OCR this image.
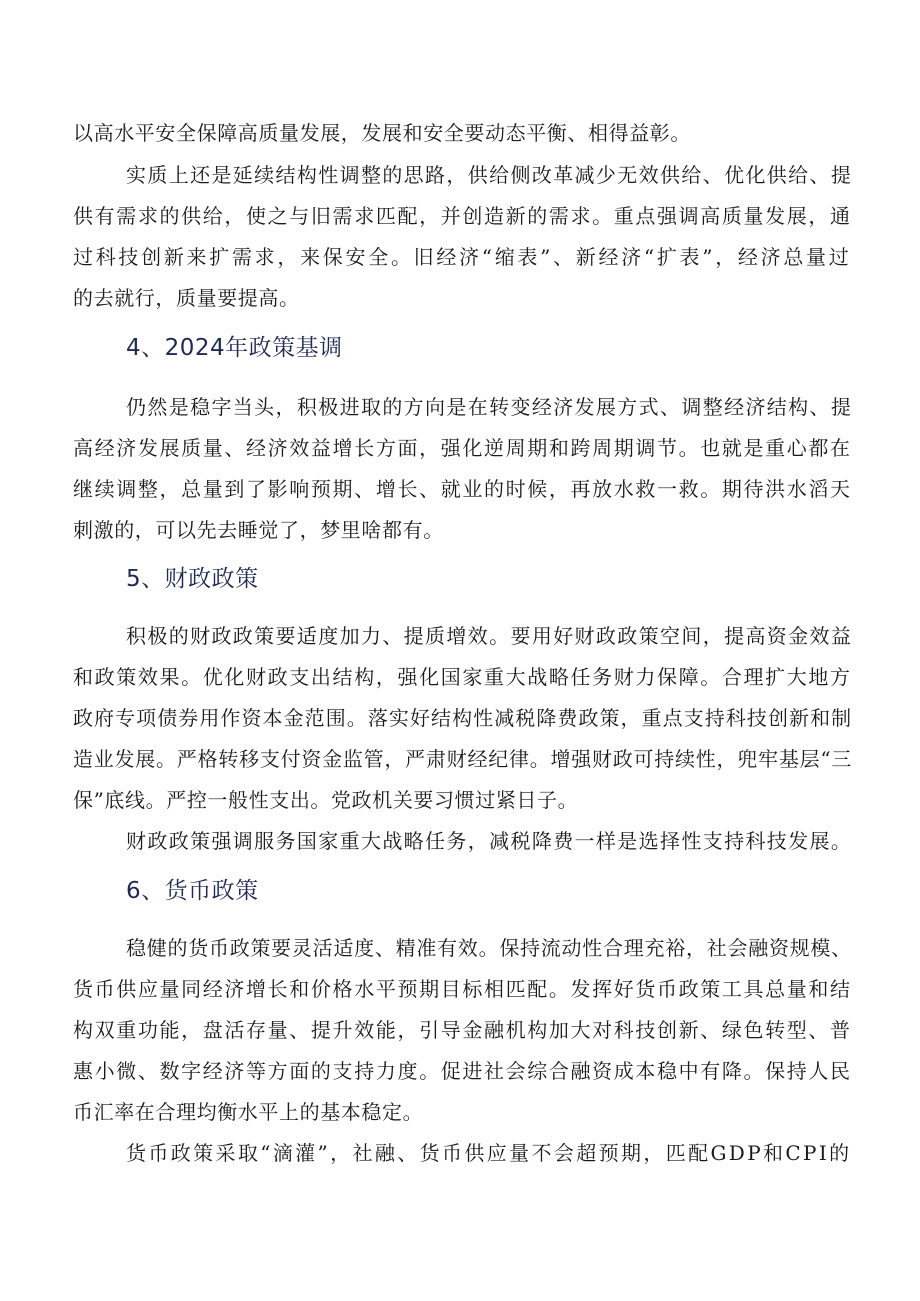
以高水平安全保障高质量发展，发展和安全要动态平衡、相得益彰。
实质上还是延续结构性调整的思路，供给侧改革减少无效供给、优化供给、提
供有需求的供给，使之与旧需求匹配，并创造新的需求。重点强调高质量发展，通
过科技创新来扩需求，来保安全。旧经济“缩表”、新经济“扩表”，经济总量过
的去就行，质量要提高。
4、2024年政策基调
仍然是稳字当头，积极进取的方向是在转变经济发展方式、调整经济结构、提
高经济发展质量、经济效益增长方面，强化逆周期和跨周期调节。也就是重心都在
继续调整，总量到了影响预期、增长、就业的时候，再放水救一救。期待洪水滔天
刺激的，可以先去睡觉了，梦里啥都有。
5、财政政策
积极的财政政策要适度加力、提质增效。要用好财政政策空间，提高资金效益
和政策效果。优化财政支出结构，强化国家重大战略任务财力保障。合理扩大地方
政府专项债券用作资本金范围。落实好结构性减税降费政策，重点支持科技创新和制
造业发展。严格转移支付资金监管，严肃财经纪律。增强财政可持续性，兜牢基层“三
保”底线。严控一般性支出。党政机关要习惯过紧日子。
财政政策强调服务国家重大战略任务，减税降费一样是选择性支持科技发展。
6、货币政策
稳健的货币政策要灵活适度、精准有效。保持流动性合理充裕，社会融资规模、
货币供应量同经济增长和价格水平预期目标相匹配。发挥好货币政策工具总量和结
构双重功能，盘活存量、提升效能，引导金融机构加大对科技创新、绿色转型、普
惠小微、数字经济等方面的支持力度。促进社会综合融资成本稳中有降。保持人民
币汇率在合理均衡水平上的基本稳定。
货币政策采取“滴灌”，社融、货币供应量不会超预期，匹配GDP和CPI的
